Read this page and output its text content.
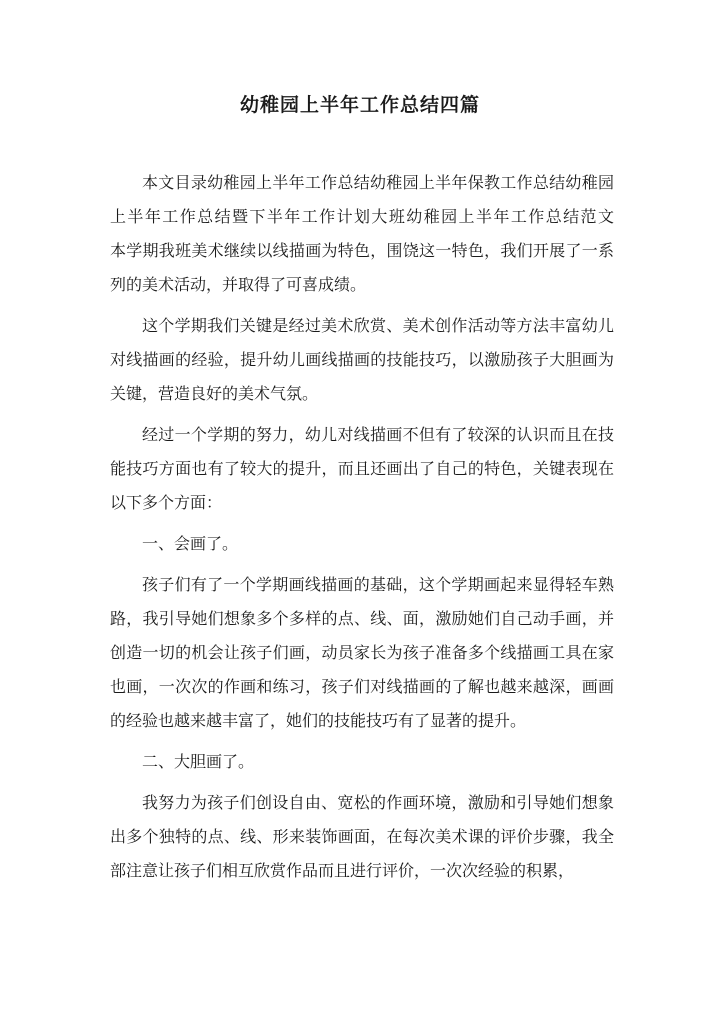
幼稚园上半年工作总结四篇

本文目录幼稚园上半年工作总结幼稚园上半年保教工作总结幼稚园上半年工作总结暨下半年工作计划大班幼稚园上半年工作总结范文　　本学期我班美术继续以线描画为特色，围饶这一特色，我们开展了一系列的美术活动，并取得了可喜成绩。

这个学期我们关键是经过美术欣赏、美术创作活动等方法丰富幼儿对线描画的经验，提升幼儿画线描画的技能技巧，以激励孩子大胆画为关键，营造良好的美术气氛。

经过一个学期的努力，幼儿对线描画不但有了较深的认识而且在技能技巧方面也有了较大的提升，而且还画出了自己的特色，关键表现在以下多个方面：

一、会画了。

孩子们有了一个学期画线描画的基础，这个学期画起来显得轻车熟路，我引导她们想象多个多样的点、线、面，激励她们自己动手画，并创造一切的机会让孩子们画，动员家长为孩子准备多个线描画工具在家也画，一次次的作画和练习，孩子们对线描画的了解也越来越深，画画的经验也越来越丰富了，她们的技能技巧有了显著的提升。

二、大胆画了。

我努力为孩子们创设自由、宽松的作画环境，激励和引导她们想象出多个独特的点、线、形来装饰画面，在每次美术课的评价步骤，我全部注意让孩子们相互欣赏作品而且进行评价，一次次经验的积累，
